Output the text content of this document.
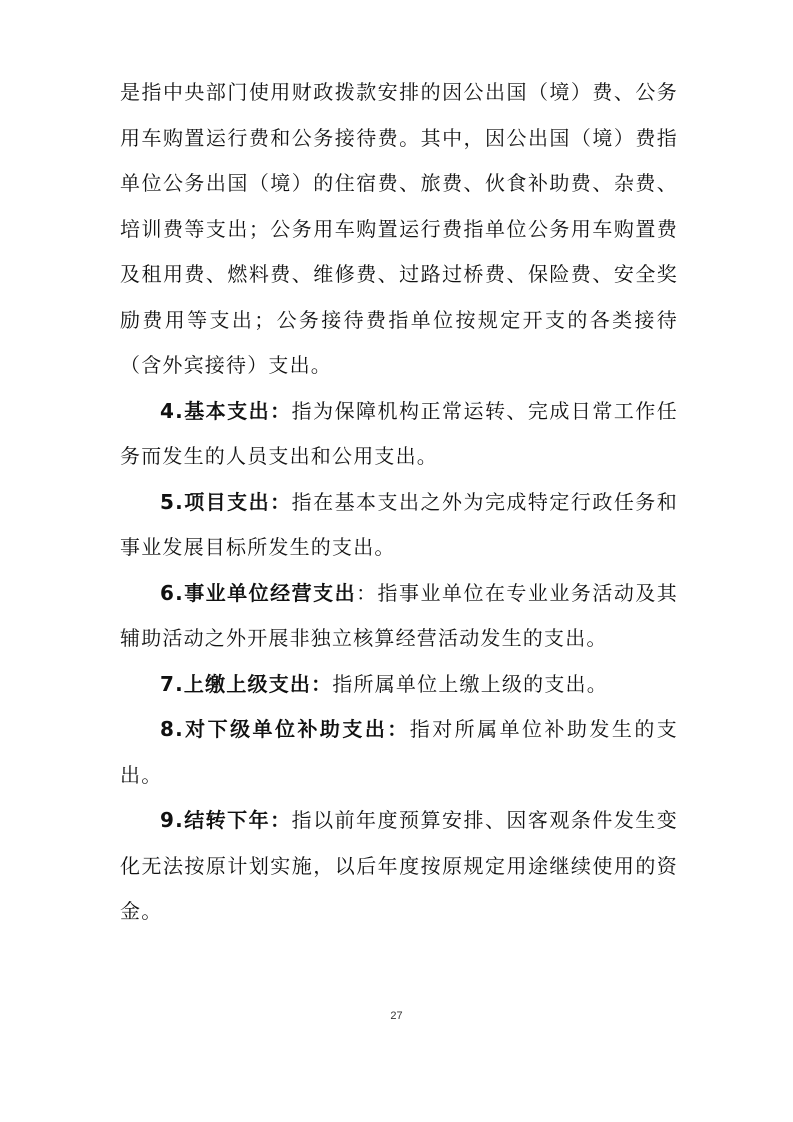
是指中央部门使用财政拨款安排的因公出国（境）费、公务用车购置运行费和公务接待费。其中，因公出国（境）费指单位公务出国（境）的住宿费、旅费、伙食补助费、杂费、培训费等支出；公务用车购置运行费指单位公务用车购置费及租用费、燃料费、维修费、过路过桥费、保险费、安全奖励费用等支出；公务接待费指单位按规定开支的各类接待（含外宾接待）支出。

4.基本支出：指为保障机构正常运转、完成日常工作任务而发生的人员支出和公用支出。

5.项目支出：指在基本支出之外为完成特定行政任务和事业发展目标所发生的支出。

6.事业单位经营支出：指事业单位在专业业务活动及其辅助活动之外开展非独立核算经营活动发生的支出。

7.上缴上级支出：指所属单位上缴上级的支出。

8.对下级单位补助支出：指对所属单位补助发生的支出。

9.结转下年：指以前年度预算安排、因客观条件发生变化无法按原计划实施，以后年度按原规定用途继续使用的资金。

27
